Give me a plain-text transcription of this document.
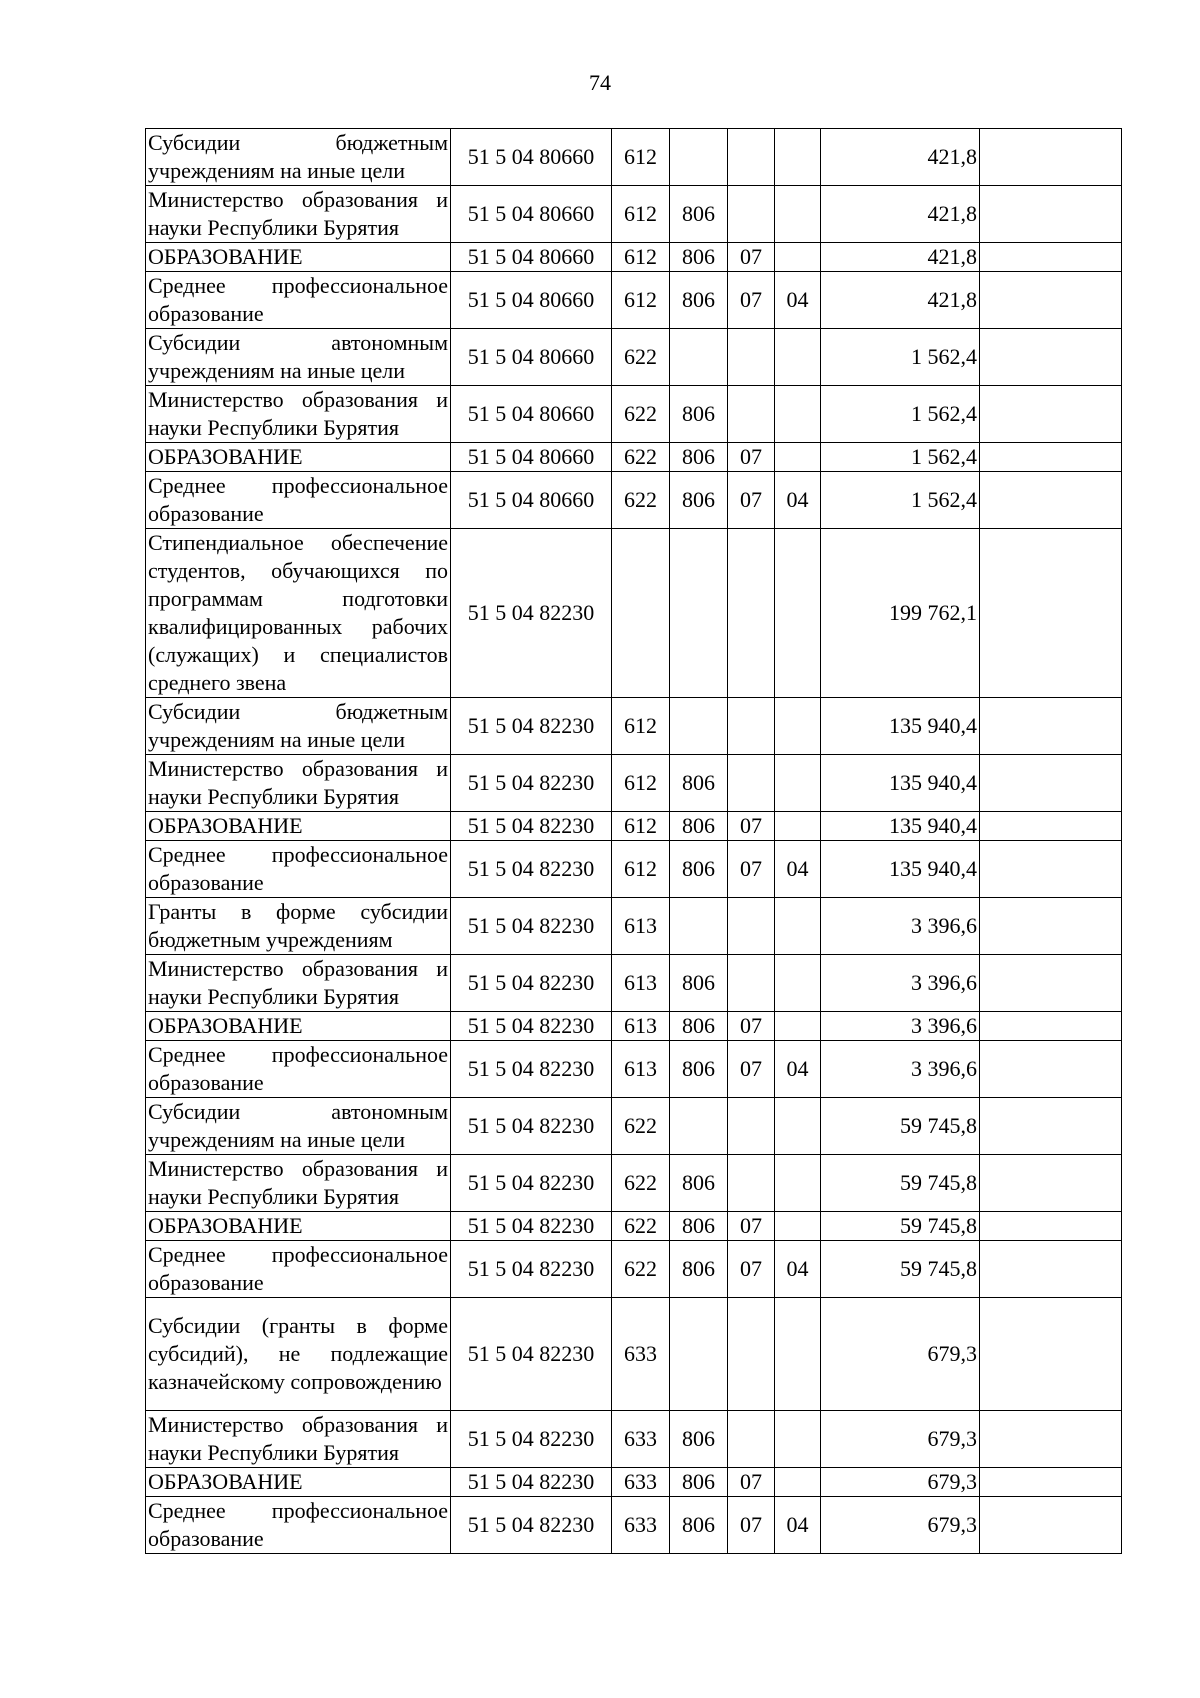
74
Субсидии бюджетным учреждениям на иные цели	51 5 04 80660	612				421,8	
Министерство образования и науки Республики Бурятия	51 5 04 80660	612	806			421,8	
ОБРАЗОВАНИЕ	51 5 04 80660	612	806	07		421,8	
Среднее профессиональное образование	51 5 04 80660	612	806	07	04	421,8	
Субсидии автономным учреждениям на иные цели	51 5 04 80660	622				1 562,4	
Министерство образования и науки Республики Бурятия	51 5 04 80660	622	806			1 562,4	
ОБРАЗОВАНИЕ	51 5 04 80660	622	806	07		1 562,4	
Среднее профессиональное образование	51 5 04 80660	622	806	07	04	1 562,4	
Стипендиальное обеспечение студентов, обучающихся по программам подготовки квалифицированных рабочих (служащих) и специалистов среднего звена	51 5 04 82230					199 762,1	
Субсидии бюджетным учреждениям на иные цели	51 5 04 82230	612				135 940,4	
Министерство образования и науки Республики Бурятия	51 5 04 82230	612	806			135 940,4	
ОБРАЗОВАНИЕ	51 5 04 82230	612	806	07		135 940,4	
Среднее профессиональное образование	51 5 04 82230	612	806	07	04	135 940,4	
Гранты в форме субсидии бюджетным учреждениям	51 5 04 82230	613				3 396,6	
Министерство образования и науки Республики Бурятия	51 5 04 82230	613	806			3 396,6	
ОБРАЗОВАНИЕ	51 5 04 82230	613	806	07		3 396,6	
Среднее профессиональное образование	51 5 04 82230	613	806	07	04	3 396,6	
Субсидии автономным учреждениям на иные цели	51 5 04 82230	622				59 745,8	
Министерство образования и науки Республики Бурятия	51 5 04 82230	622	806			59 745,8	
ОБРАЗОВАНИЕ	51 5 04 82230	622	806	07		59 745,8	
Среднее профессиональное образование	51 5 04 82230	622	806	07	04	59 745,8	
Субсидии (гранты в форме субсидий), не подлежащие казначейскому сопровождению	51 5 04 82230	633				679,3	
Министерство образования и науки Республики Бурятия	51 5 04 82230	633	806			679,3	
ОБРАЗОВАНИЕ	51 5 04 82230	633	806	07		679,3	
Среднее профессиональное образование	51 5 04 82230	633	806	07	04	679,3	
